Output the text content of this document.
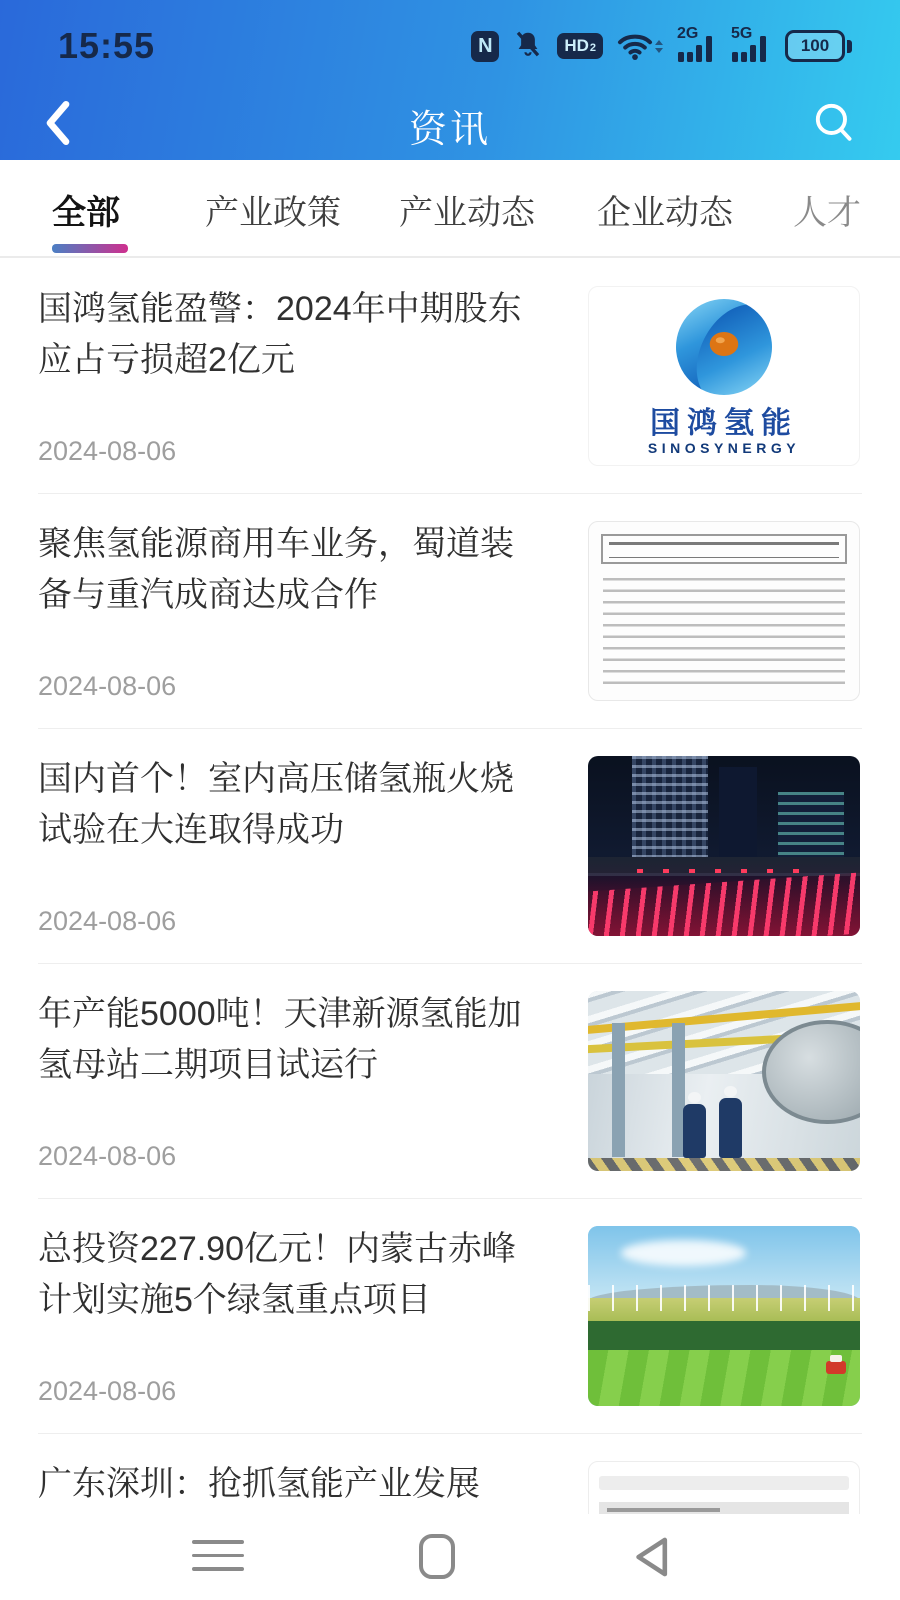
15:55	N	HD 2
2G 5G
100
资讯
全部	产业政策 产业动态 企业动态 人才
国鸿氢能盈警：2024年中期股东应占亏损超2亿元
2024-08-06
国鸿氢能
SINOSYNERGY
聚焦氢能源商用车业务，蜀道装备与重汽成商达成合作
2024-08-06
国内首个！室内高压储氢瓶火烧试验在大连取得成功
2024-08-06
年产能5000吨！天津新源氢能加氢母站二期项目试运行
2024-08-06
总投资227.90亿元！内蒙古赤峰计划实施5个绿氢重点项目
2024-08-06
广东深圳：抢抓氢能产业发展
